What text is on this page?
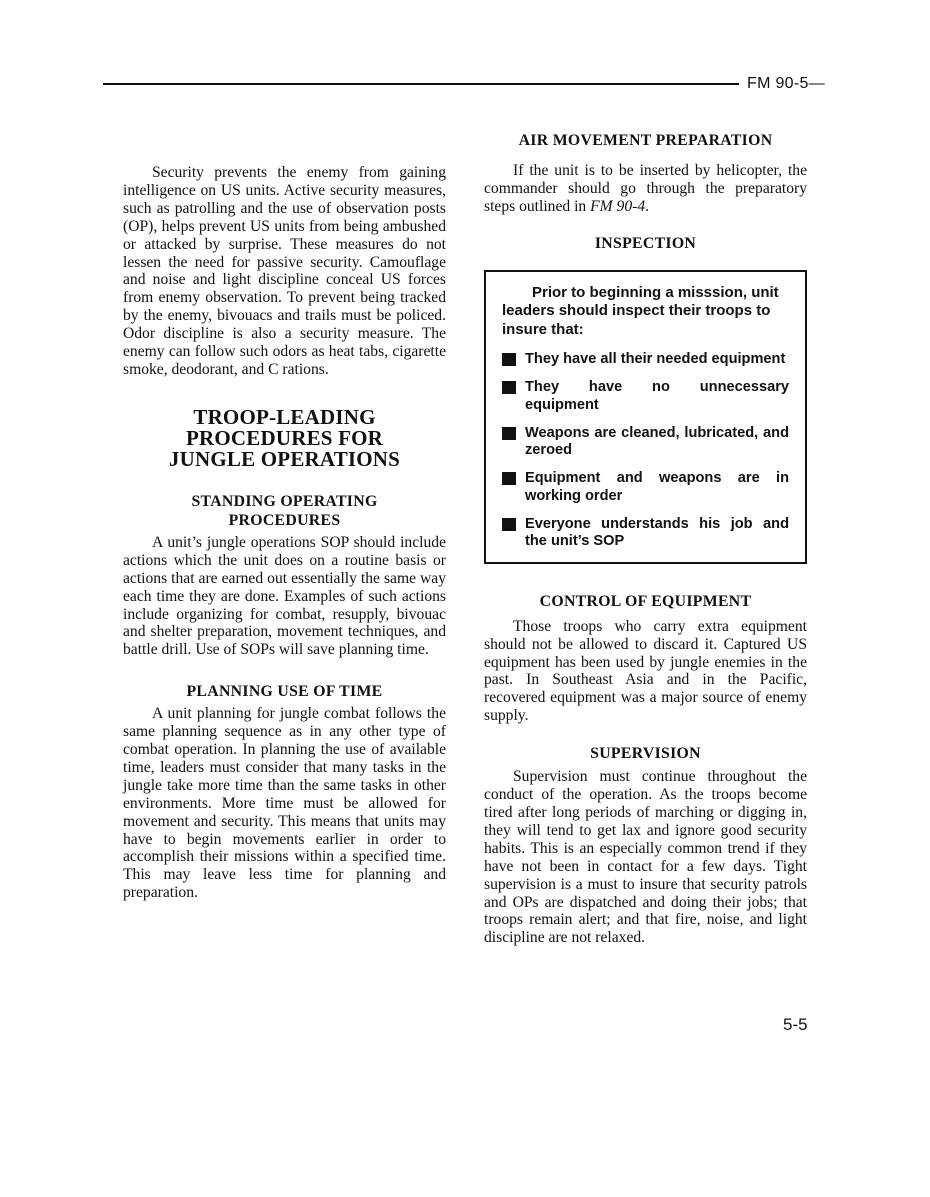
FM 90-5—

Security prevents the enemy from gaining intelligence on US units. Active security measures, such as patrolling and the use of observation posts (OP), helps prevent US units from being ambushed or attacked by surprise. These measures do not lessen the need for passive security. Camouflage and noise and light discipline conceal US forces from enemy observation. To prevent being tracked by the enemy, bivouacs and trails must be policed. Odor discipline is also a security measure. The enemy can follow such odors as heat tabs, cigarette smoke, deodorant, and C rations.

TROOP-LEADING
PROCEDURES FOR
JUNGLE OPERATIONS
STANDING OPERATING
PROCEDURES

A unit’s jungle operations SOP should include actions which the unit does on a routine basis or actions that are earned out essentially the same way each time they are done. Examples of such actions include organizing for combat, resupply, bivouac and shelter preparation, movement techniques, and battle drill. Use of SOPs will save planning time.

PLANNING USE OF TIME

A unit planning for jungle combat follows the same planning sequence as in any other type of combat operation. In planning the use of available time, leaders must consider that many tasks in the jungle take more time than the same tasks in other environments. More time must be allowed for movement and security. This means that units may have to begin movements earlier in order to accomplish their missions within a specified time. This may leave less time for planning and preparation.

AIR MOVEMENT PREPARATION

If the unit is to be inserted by helicopter, the commander should go through the preparatory steps outlined in FM 90-4.

INSPECTION

Prior to beginning a misssion, unit leaders should inspect their troops to insure that:

They have all their needed equipment
They have no unnecessary equipment
Weapons are cleaned, lubricated, and zeroed
Equipment and weapons are in working order
Everyone understands his job and the unit’s SOP
CONTROL OF EQUIPMENT

Those troops who carry extra equipment should not be allowed to discard it. Captured US equipment has been used by jungle enemies in the past. In Southeast Asia and in the Pacific, recovered equipment was a major source of enemy supply.

SUPERVISION

Supervision must continue throughout the conduct of the operation. As the troops become tired after long periods of marching or digging in, they will tend to get lax and ignore good security habits. This is an especially common trend if they have not been in contact for a few days. Tight supervision is a must to insure that security patrols and OPs are dispatched and doing their jobs; that troops remain alert; and that fire, noise, and light discipline are not relaxed.

5-5
